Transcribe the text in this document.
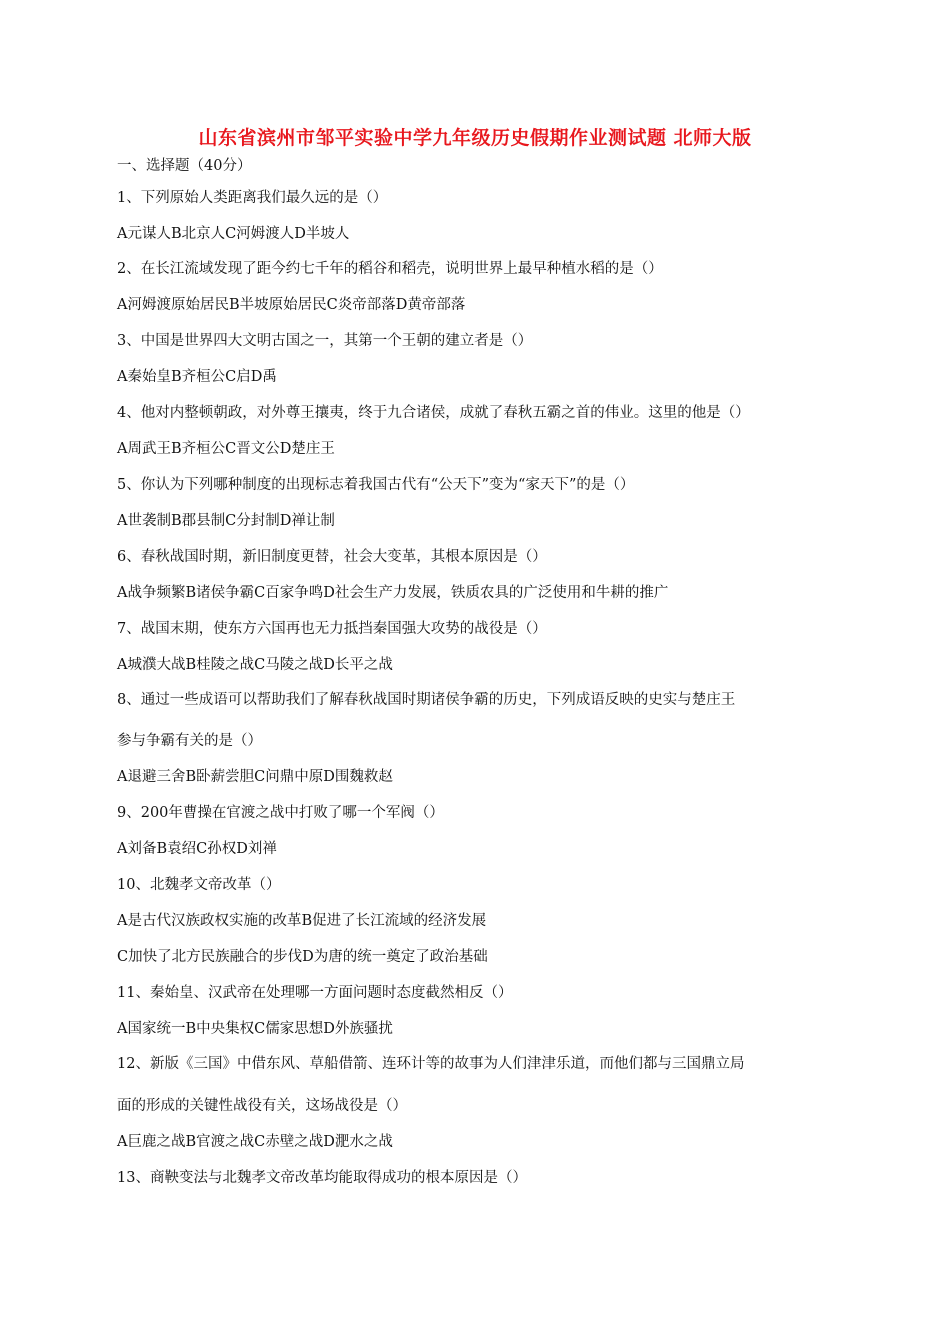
山东省滨州市邹平实验中学九年级历史假期作业测试题 北师大版
一、选择题（40分）
1、下列原始人类距离我们最久远的是（）
A元谋人B北京人C河姆渡人D半坡人
2、在长江流域发现了距今约七千年的稻谷和稻壳，说明世界上最早种植水稻的是（）
A河姆渡原始居民B半坡原始居民C炎帝部落D黄帝部落
3、中国是世界四大文明古国之一，其第一个王朝的建立者是（）
A秦始皇B齐桓公C启D禹
4、他对内整顿朝政，对外尊王攘夷，终于九合诸侯，成就了春秋五霸之首的伟业。这里的他是（）
A周武王B齐桓公C晋文公D楚庄王
5、你认为下列哪种制度的出现标志着我国古代有“公天下”变为“家天下”的是（）
A世袭制B郡县制C分封制D禅让制
6、春秋战国时期，新旧制度更替，社会大变革，其根本原因是（）
A战争频繁B诸侯争霸C百家争鸣D社会生产力发展，铁质农具的广泛使用和牛耕的推广
7、战国末期，使东方六国再也无力抵挡秦国强大攻势的战役是（）
A城濮大战B桂陵之战C马陵之战D长平之战
8、通过一些成语可以帮助我们了解春秋战国时期诸侯争霸的历史，下列成语反映的史实与楚庄王
参与争霸有关的是（）
A退避三舍B卧薪尝胆C问鼎中原D围魏救赵
9、200年曹操在官渡之战中打败了哪一个军阀（）
A刘备B袁绍C孙权D刘禅
10、北魏孝文帝改革（）
A是古代汉族政权实施的改革B促进了长江流域的经济发展
C加快了北方民族融合的步伐D为唐的统一奠定了政治基础
11、秦始皇、汉武帝在处理哪一方面问题时态度截然相反（）
A国家统一B中央集权C儒家思想D外族骚扰
12、新版《三国》中借东风、草船借箭、连环计等的故事为人们津津乐道，而他们都与三国鼎立局
面的形成的关键性战役有关，这场战役是（）
A巨鹿之战B官渡之战C赤壁之战D淝水之战
13、商鞅变法与北魏孝文帝改革均能取得成功的根本原因是（）
